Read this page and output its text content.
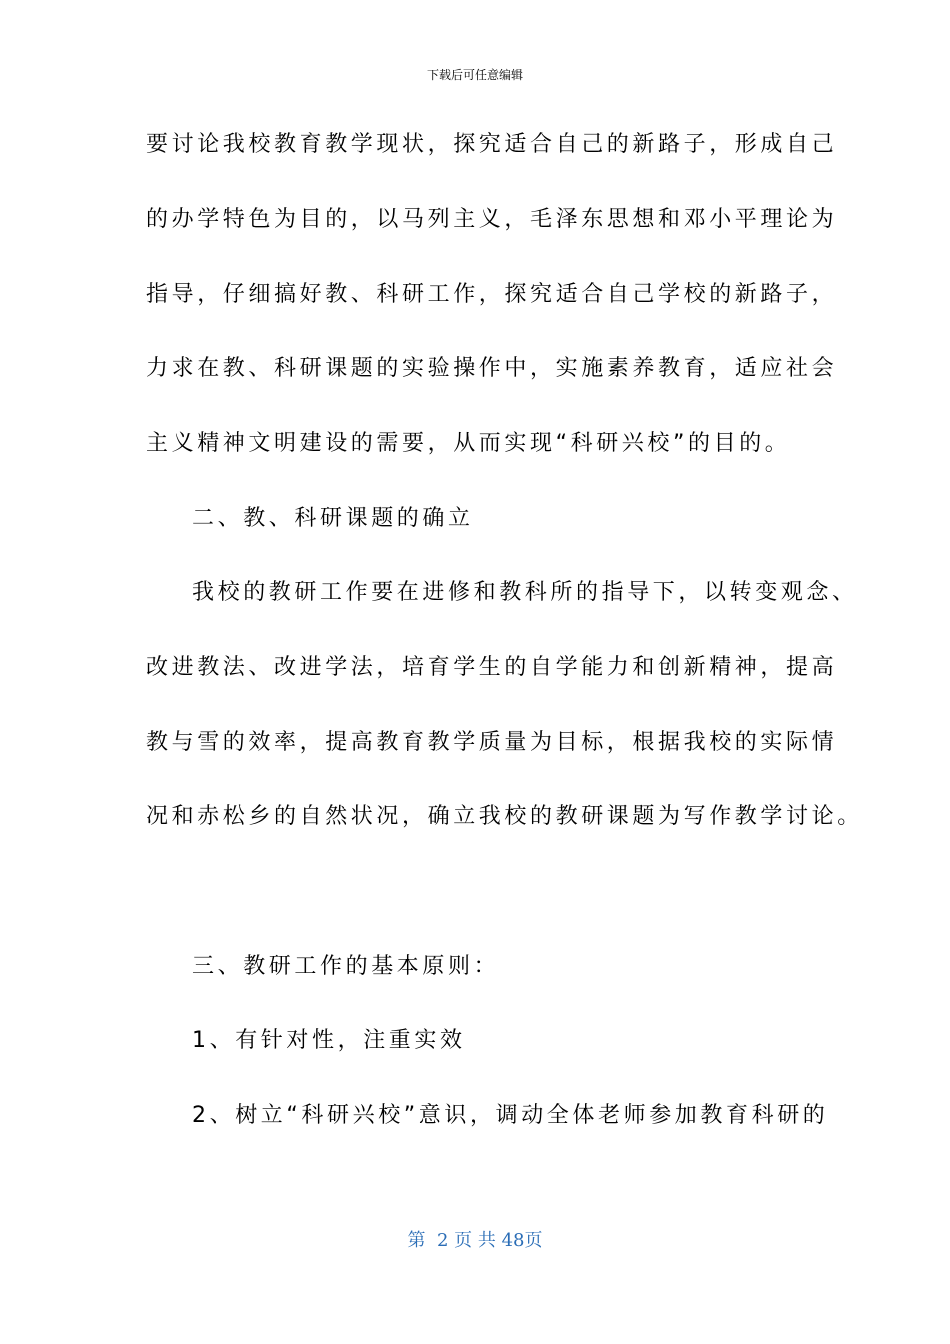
下载后可任意编辑
要讨论我校教育教学现状，探究适合自己的新路子，形成自己
的办学特色为目的，以马列主义，毛泽东思想和邓小平理论为
指导，仔细搞好教、科研工作，探究适合自己学校的新路子，
力求在教、科研课题的实验操作中，实施素养教育，适应社会
主义精神文明建设的需要，从而实现“科研兴校”的目的。
二、教、科研课题的确立
我校的教研工作要在进修和教科所的指导下，以转变观念、
改进教法、改进学法，培育学生的自学能力和创新精神，提高
教与雪的效率，提高教育教学质量为目标，根据我校的实际情
况和赤松乡的自然状况，确立我校的教研课题为写作教学讨论。
三、教研工作的基本原则：
1、有针对性，注重实效
2、树立“科研兴校”意识，调动全体老师参加教育科研的
第  2 页 共 48页
